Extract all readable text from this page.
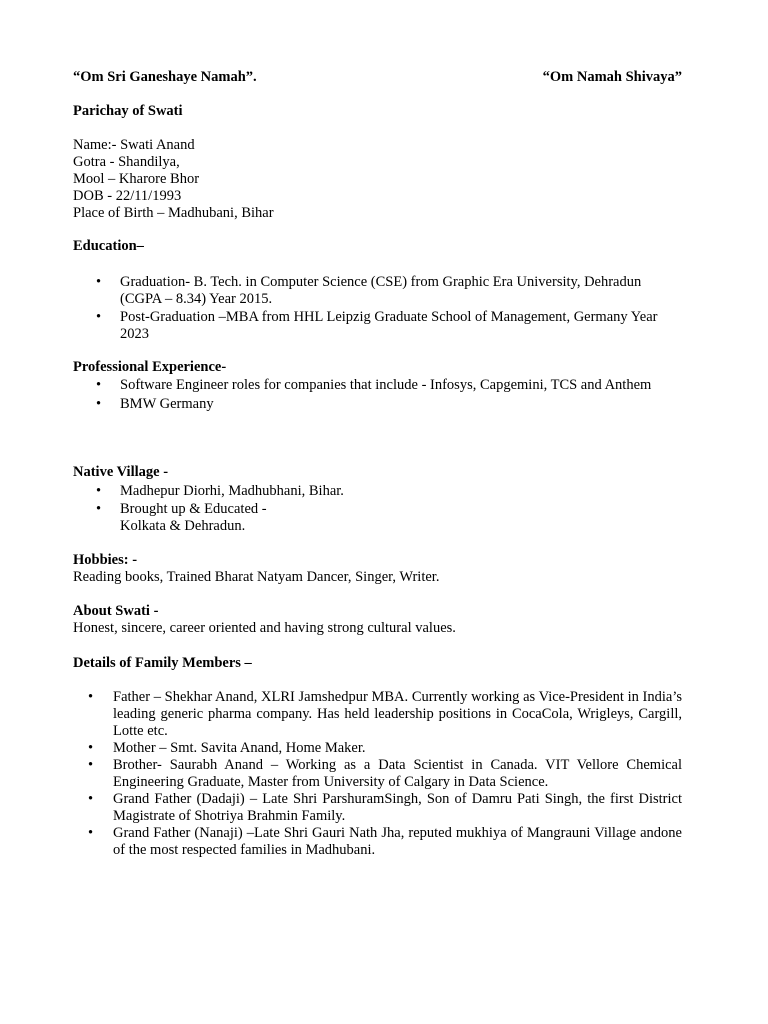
“Om Sri Ganeshaye Namah”.	“Om Namah Shivaya”
Parichay of Swati
Name:- Swati Anand
Gotra - Shandilya,
Mool – Kharore Bhor
DOB - 22/11/1993
Place of Birth – Madhubani, Bihar
Education–
• Graduation- B. Tech. in Computer Science (CSE) from Graphic Era University, Dehradun (CGPA – 8.34) Year 2015.
• Post-Graduation –MBA from HHL Leipzig Graduate School of Management, Germany Year 2023
Professional Experience-
• Software Engineer roles for companies that include - Infosys, Capgemini, TCS and Anthem
• BMW Germany
Native Village -
• Madhepur Diorhi, Madhubhani, Bihar.
• Brought up & Educated -Kolkata & Dehradun.
Hobbies: -
Reading books, Trained Bharat Natyam Dancer, Singer, Writer.
About Swati -
Honest, sincere, career oriented and having strong cultural values.
Details of Family Members –
• Father – Shekhar Anand, XLRI Jamshedpur MBA. Currently working as Vice-President in India’s leading generic pharma company. Has held leadership positions in CocaCola, Wrigleys, Cargill, Lotte etc.
• Mother – Smt. Savita Anand, Home Maker.
• Brother- Saurabh Anand – Working as a Data Scientist in Canada. VIT Vellore Chemical Engineering Graduate, Master from University of Calgary in Data Science.
• Grand Father (Dadaji) – Late Shri ParshuramSingh, Son of Damru Pati Singh, the first District Magistrate of Shotriya Brahmin Family.
• Grand Father (Nanaji) –Late Shri Gauri Nath Jha, reputed mukhiya of Mangrauni Village andone of the most respected families in Madhubani.
